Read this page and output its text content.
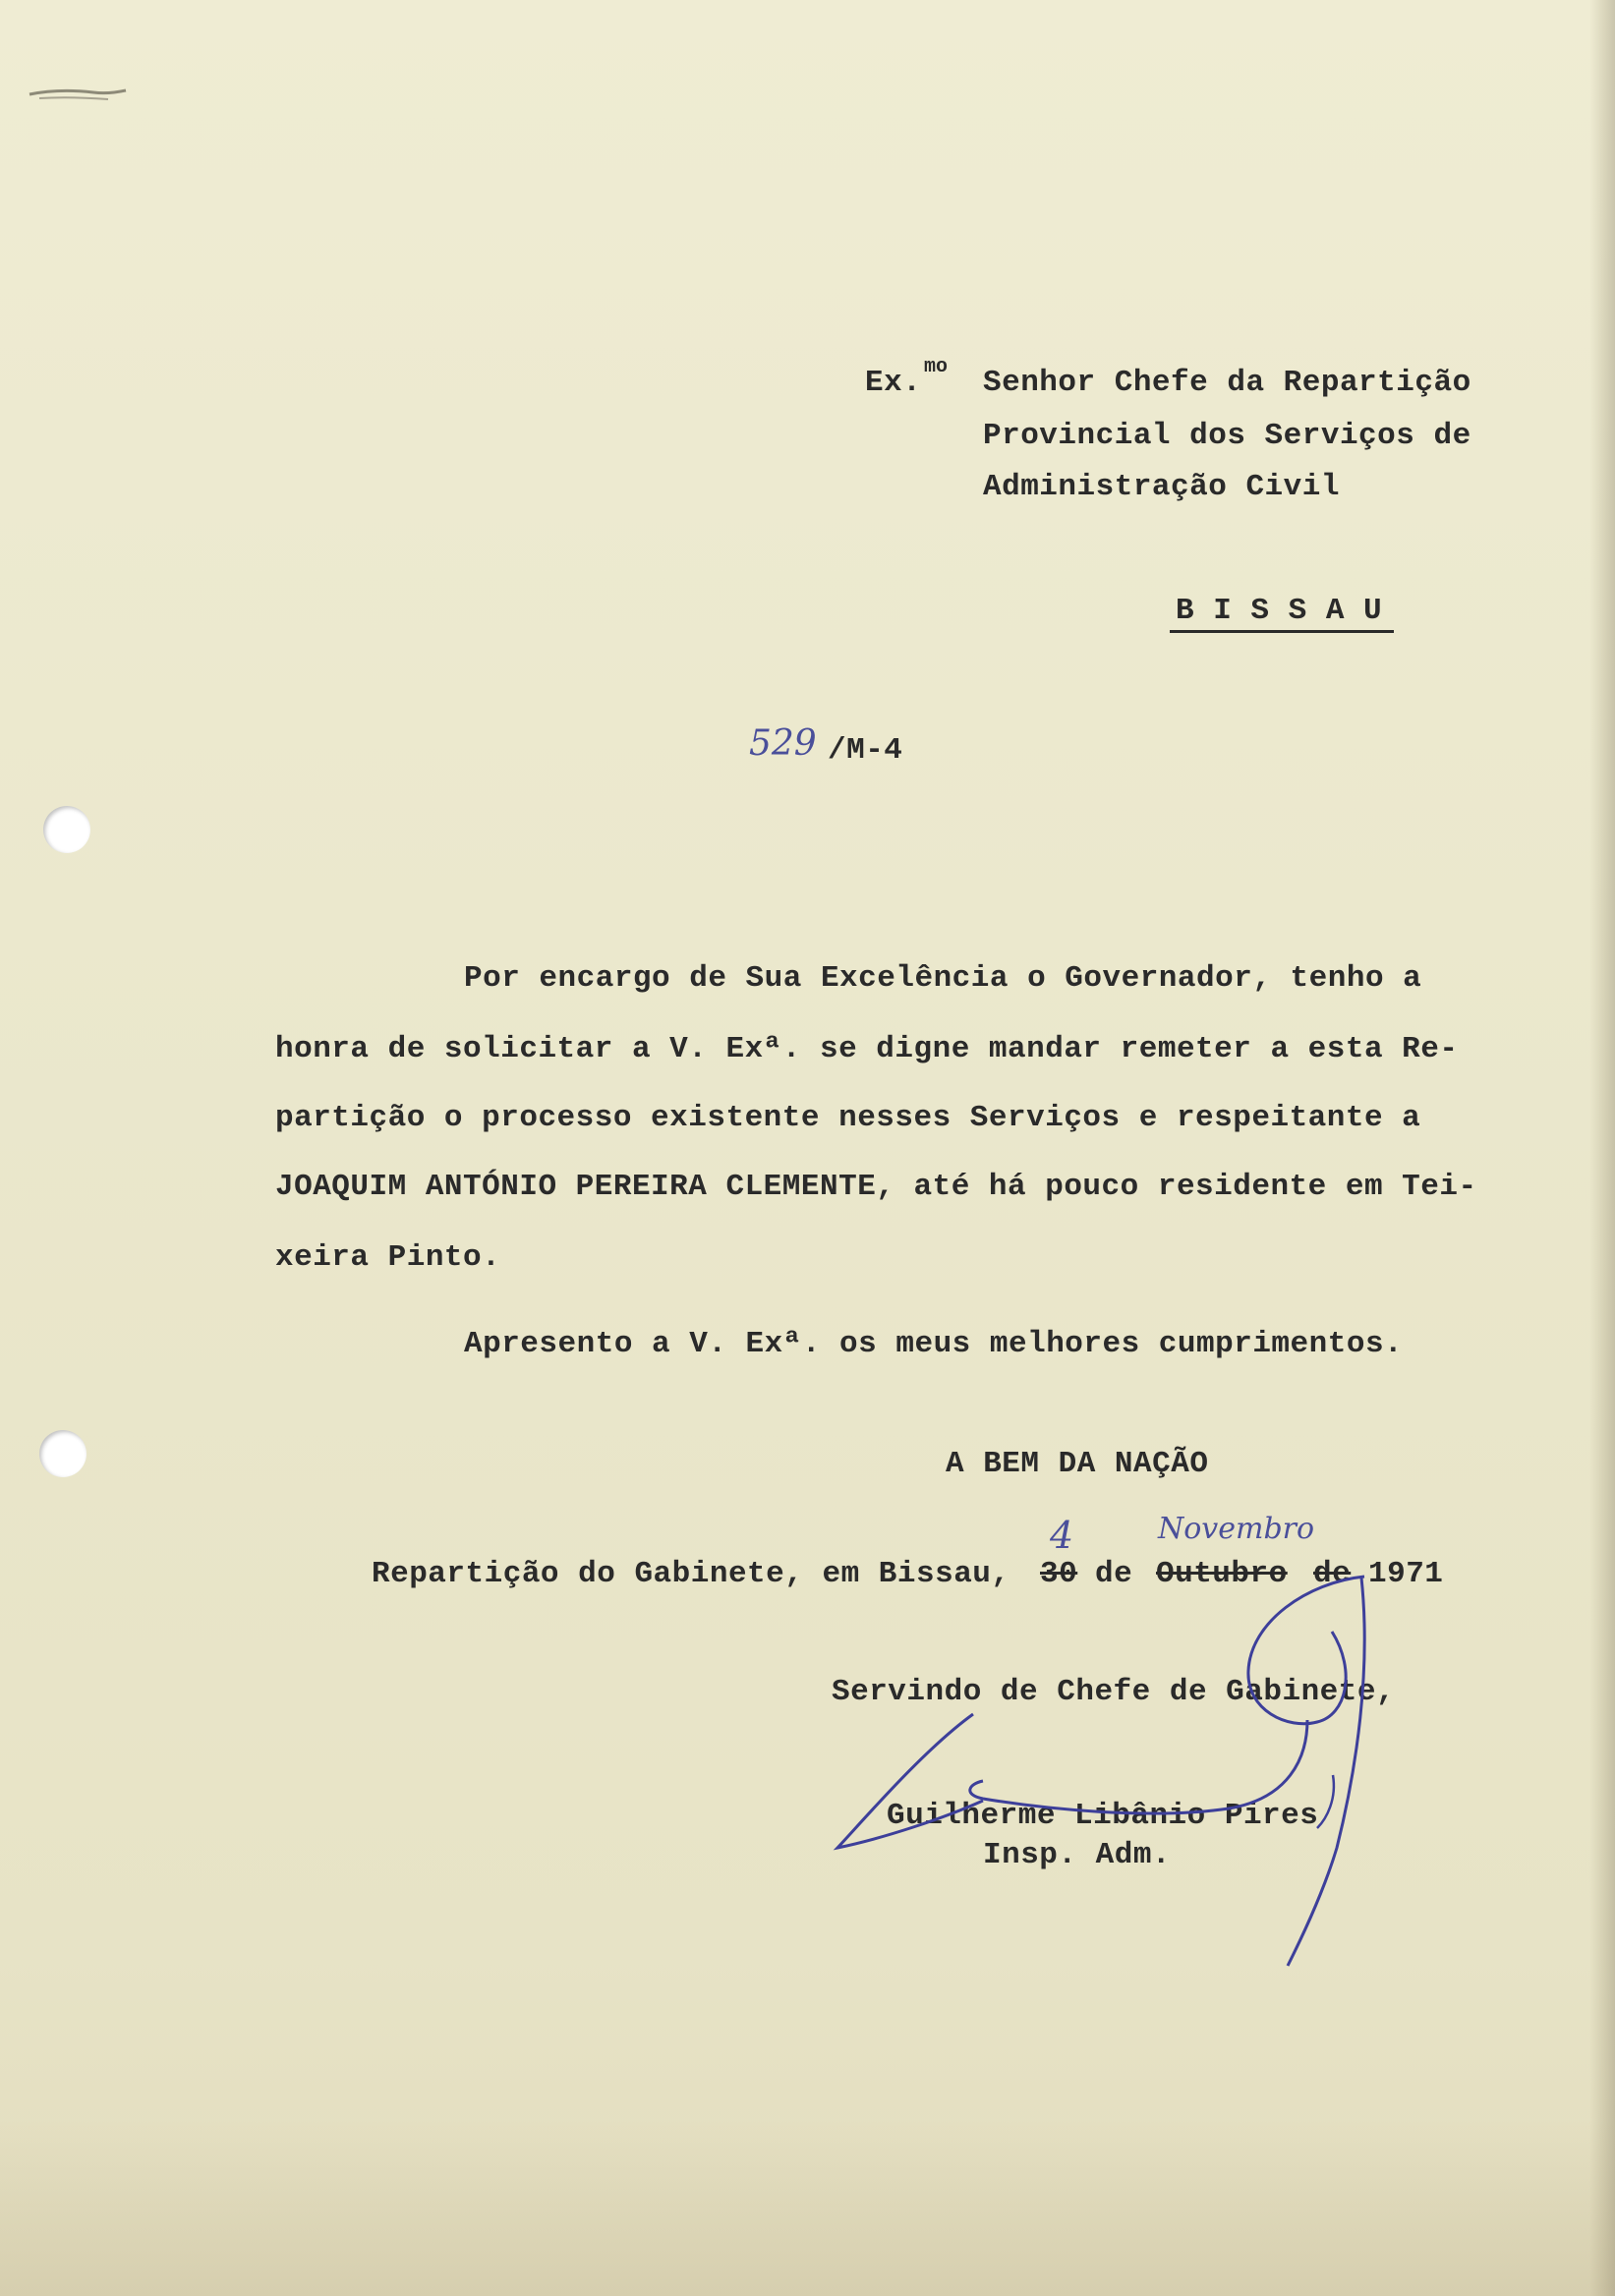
Ex. mo Senhor Chefe da Repartição
Provincial dos Serviços de
Administração Civil
B I S S A U
529 /M-4
Por encargo de Sua Excelência o Governador, tenho a
honra de solicitar a V. Exª. se digne mandar remeter a esta Re-
partição o processo existente nesses Serviços e respeitante a
JOAQUIM ANTÓNIO PEREIRA CLEMENTE, até há pouco residente em Tei-
xeira Pinto.
Apresento a V. Exª. os meus melhores cumprimentos.
A BEM DA NAÇÃO
Repartição do Gabinete, em Bissau, 30
4
de Outubro
Novembro
de 1971
Servindo de Chefe de Gabinete,
Guilherme Libânio Pires
Insp. Adm.
